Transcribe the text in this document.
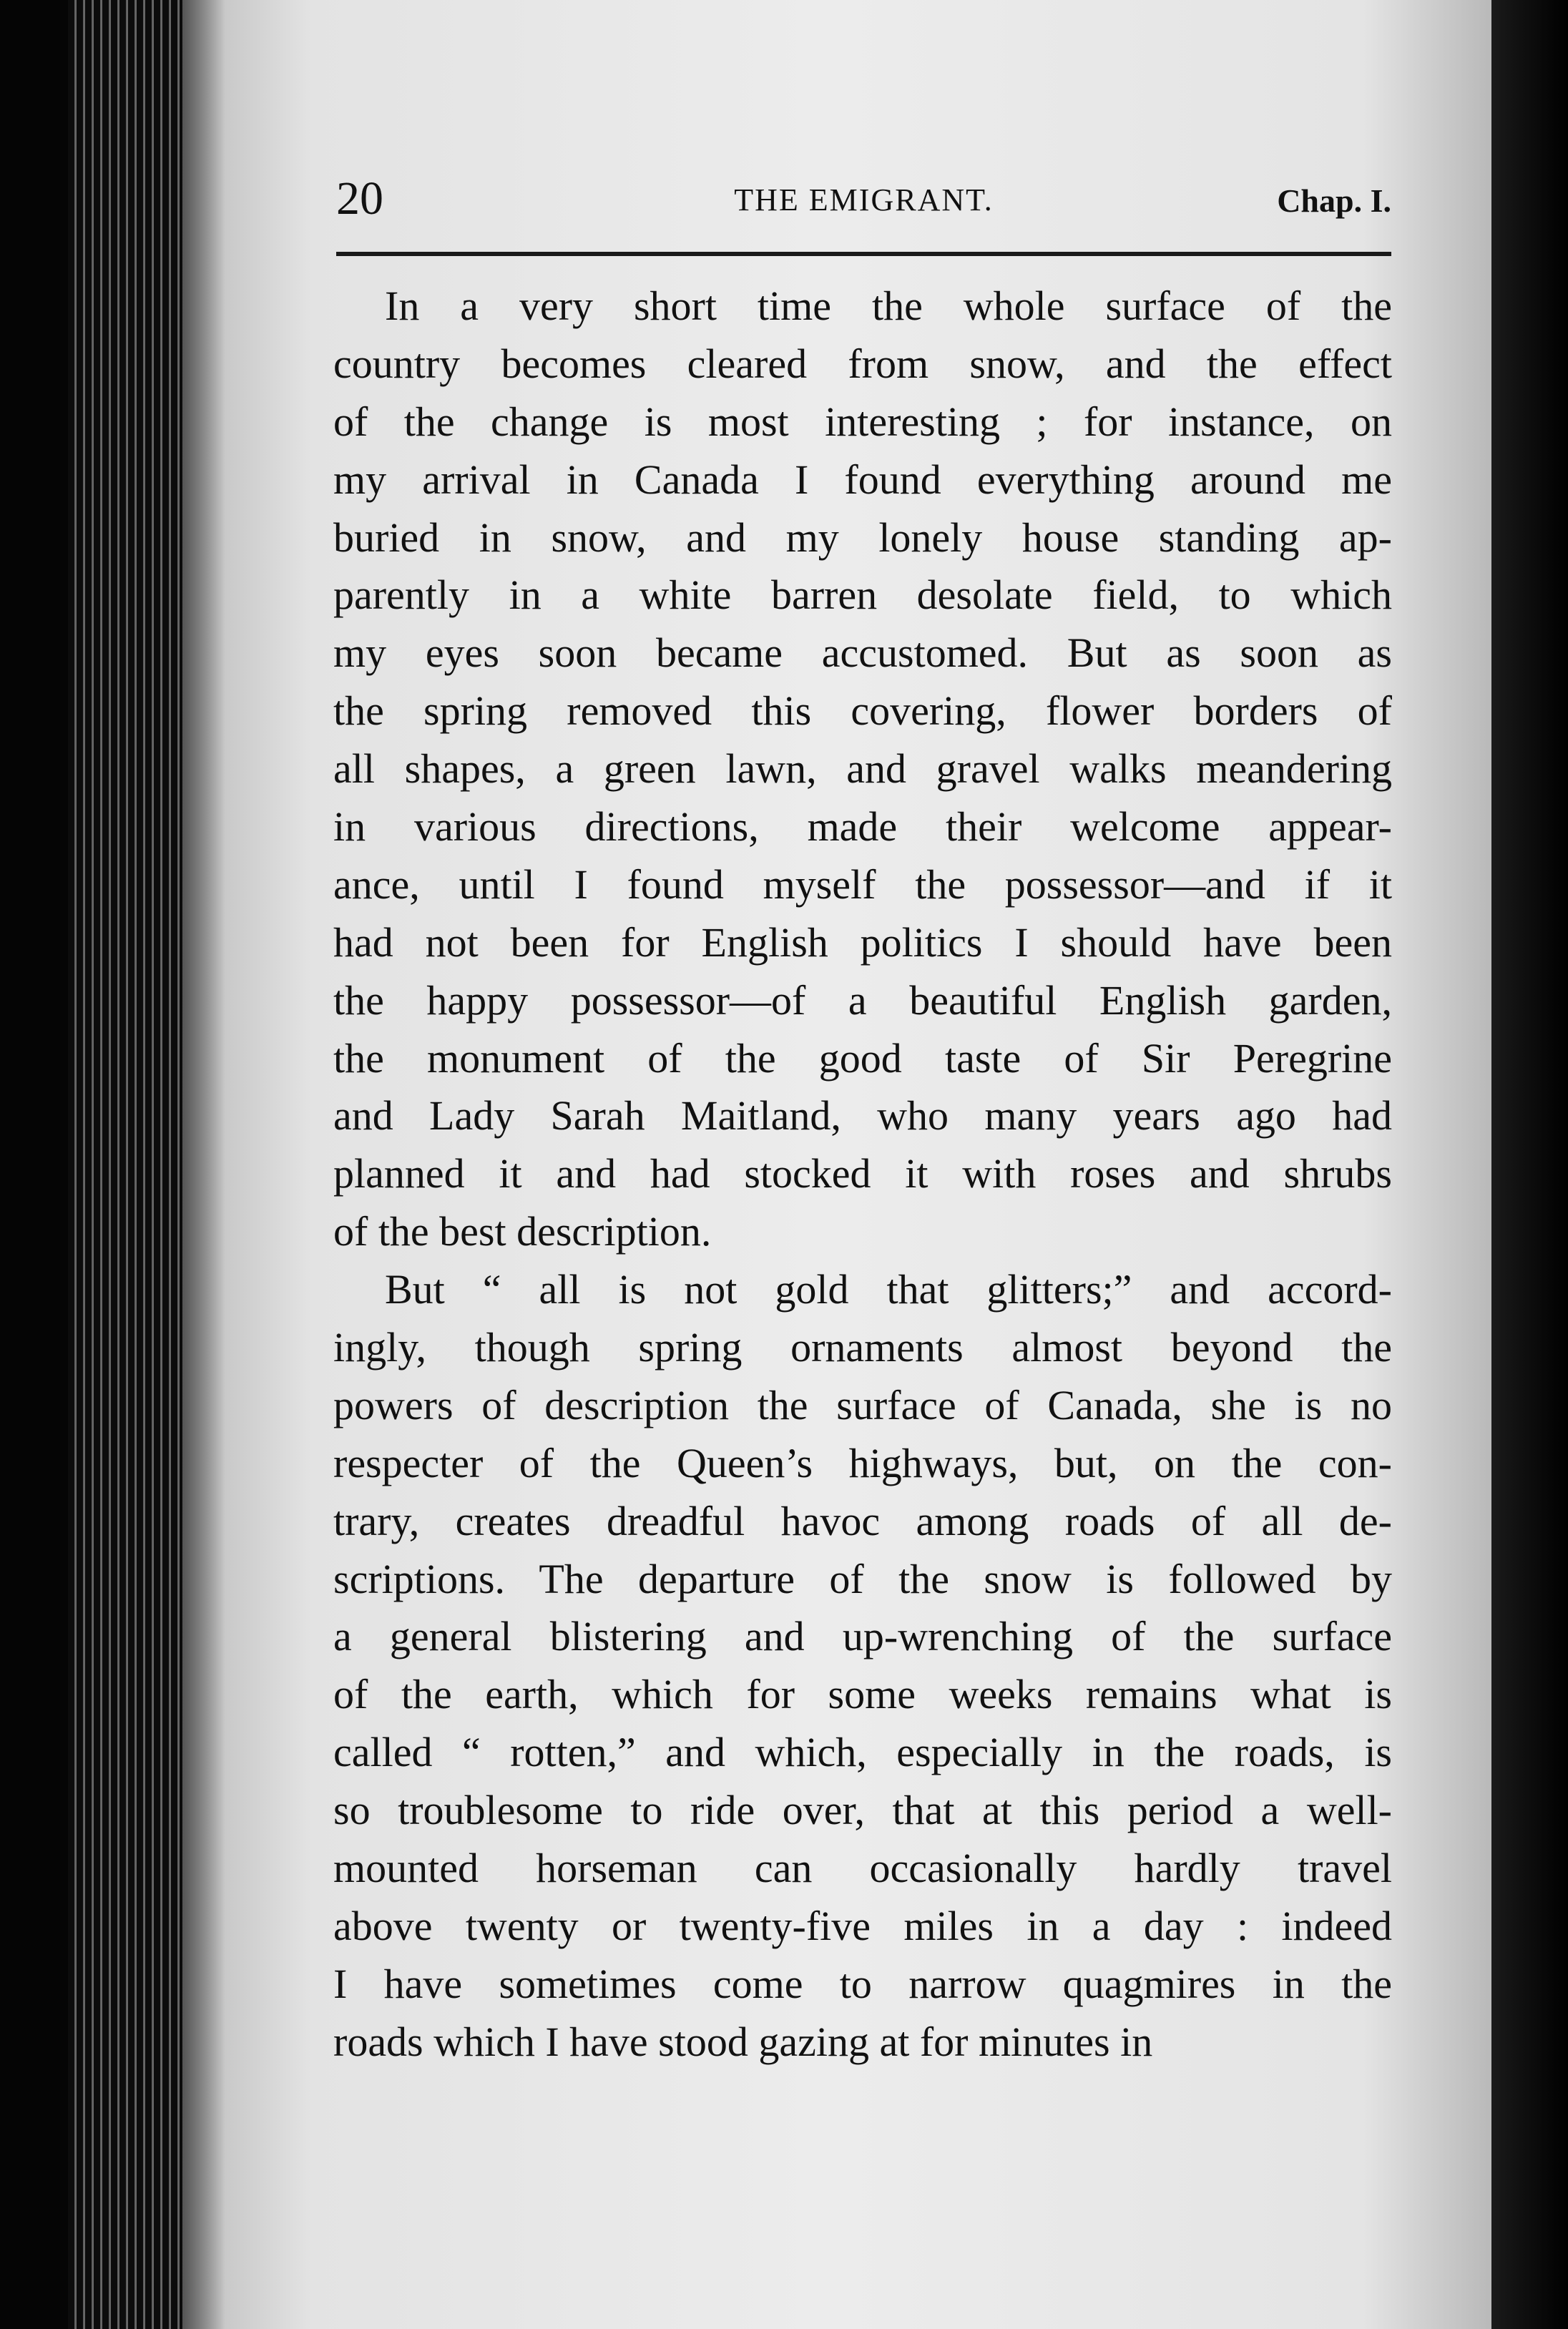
20	THE EMIGRANT.	Chap. I.
In a very short time the whole surface of the
country becomes cleared from snow, and the effect
of the change is most interesting ; for instance, on
my arrival in Canada I found everything around me
buried in snow, and my lonely house standing ap-
parently in a white barren desolate field, to which
my eyes soon became accustomed. But as soon as
the spring removed this covering, flower borders of
all shapes, a green lawn, and gravel walks meandering
in various directions, made their welcome appear-
ance, until I found myself the possessor—and if it
had not been for English politics I should have been
the happy possessor—of a beautiful English garden,
the monument of the good taste of Sir Peregrine
and Lady Sarah Maitland, who many years ago had
planned it and had stocked it with roses and shrubs
of the best description.
But “ all is not gold that glitters;” and accord-
ingly, though spring ornaments almost beyond the
powers of description the surface of Canada, she is no
respecter of the Queen’s highways, but, on the con-
trary, creates dreadful havoc among roads of all de-
scriptions. The departure of the snow is followed by
a general blistering and up-wrenching of the surface
of the earth, which for some weeks remains what is
called “ rotten,” and which, especially in the roads, is
so troublesome to ride over, that at this period a well-
mounted horseman can occasionally hardly travel
above twenty or twenty-five miles in a day : indeed
I have sometimes come to narrow quagmires in the
roads which I have stood gazing at for minutes in
